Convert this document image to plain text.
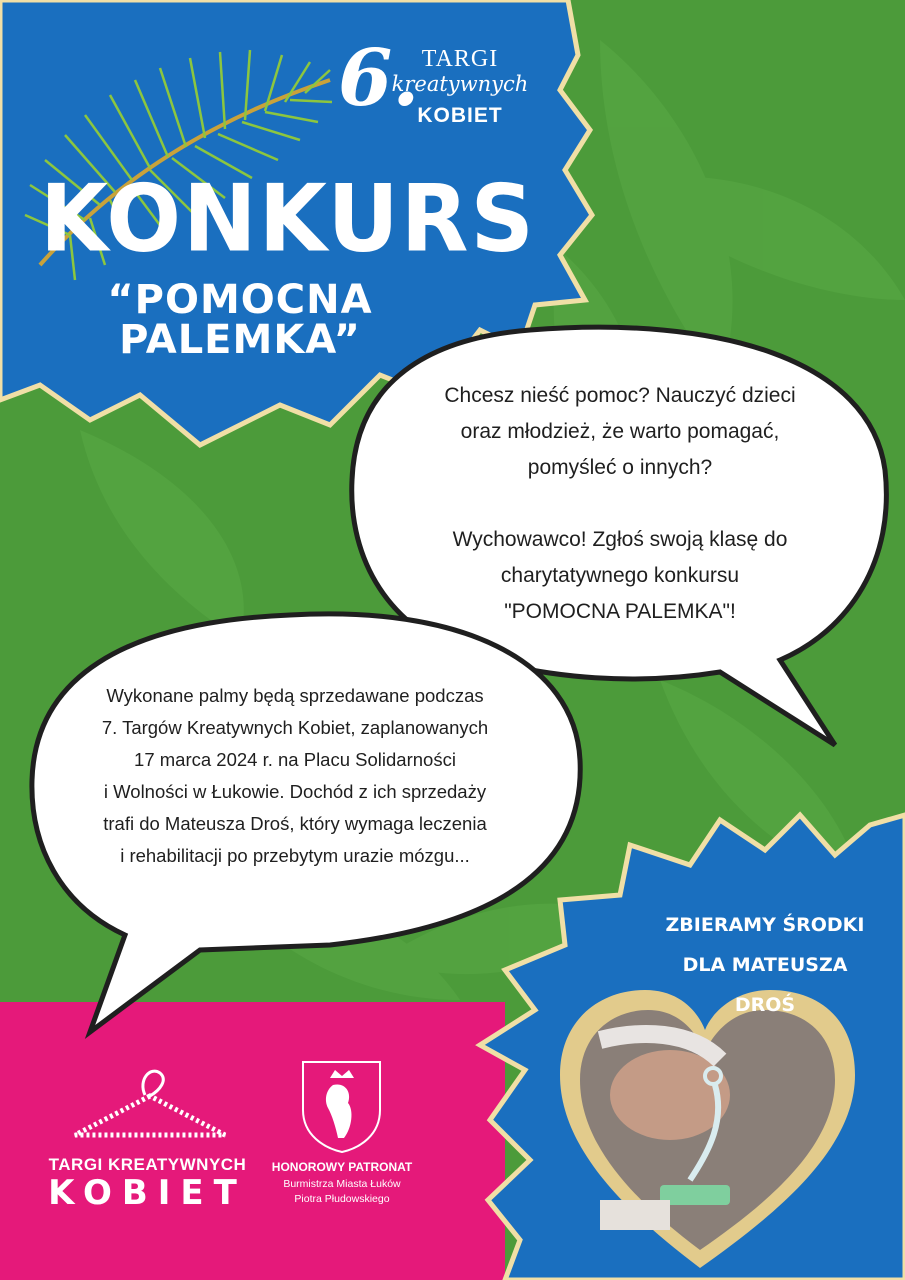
6. TARGI
kreatywnych
KOBIET
KONKURS
“POMOCNA PALEMKA”

Chcesz nieść pomoc? Nauczyć dzieci

oraz młodzież, że warto pomagać,

pomyśleć o innych?

Wychowawco! Zgłoś swoją klasę do

charytatywnego konkursu

"POMOCNA PALEMKA"!

Wykonane palmy będą sprzedawane podczas
7. Targów Kreatywnych Kobiet, zaplanowanych
17 marca 2024 r. na Placu Solidarności
i Wolności w Łukowie. Dochód z ich sprzedaży
trafi do Mateusza Droś, który wymaga leczenia
i rehabilitacji po przebytym urazie mózgu...
ZBIERAMY ŚRODKI
DLA MATEUSZA DROŚ
TARGI KREATYWNYCH
KOBIET
HONOROWY PATRONAT
Burmistrza Miasta Łuków
Piotra Płudowskiego
